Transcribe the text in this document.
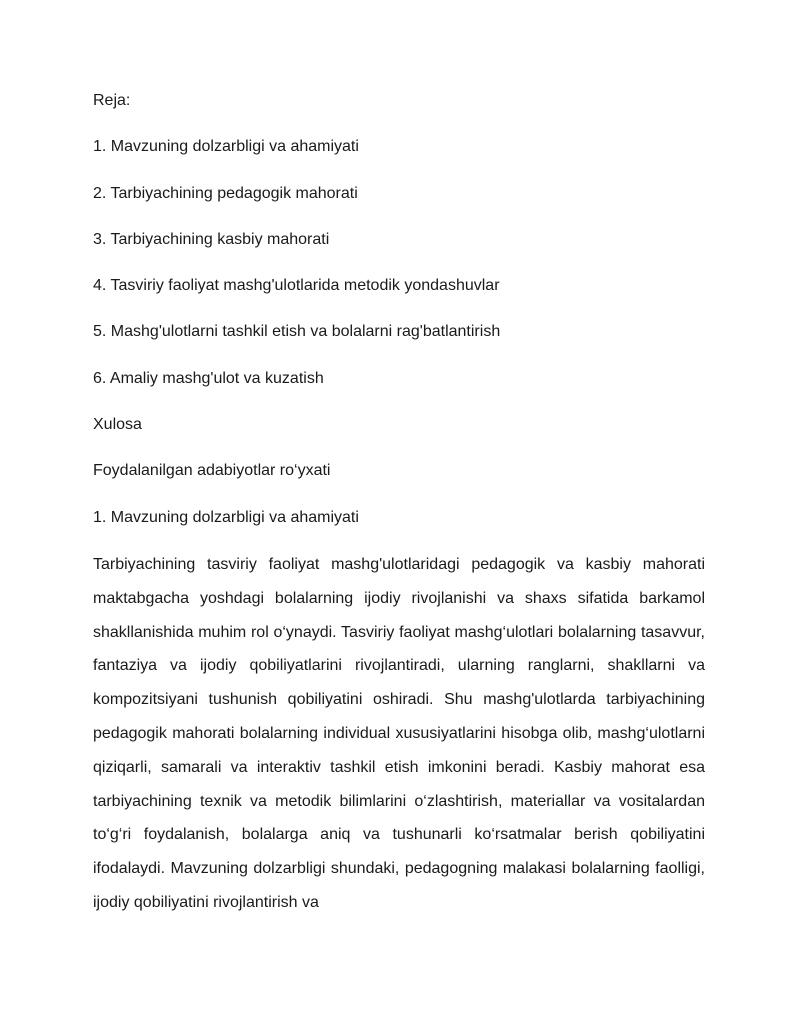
Reja:

1. Mavzuning dolzarbligi va ahamiyati

2. Tarbiyachining pedagogik mahorati

3. Tarbiyachining kasbiy mahorati

4. Tasviriy faoliyat mashg'ulotlarida metodik yondashuvlar

5. Mashg'ulotlarni tashkil etish va bolalarni rag'batlantirish

6. Amaliy mashg'ulot va kuzatish

Xulosa

Foydalanilgan adabiyotlar ro‘yxati

1. Mavzuning dolzarbligi va ahamiyati

Tarbiyachining tasviriy faoliyat mashg'ulotlaridagi pedagogik va kasbiy mahorati maktabgacha yoshdagi bolalarning ijodiy rivojlanishi va shaxs sifatida barkamol shakllanishida muhim rol o‘ynaydi. Tasviriy faoliyat mashg‘ulotlari bolalarning tasavvur, fantaziya va ijodiy qobiliyatlarini rivojlantiradi, ularning ranglarni, shakllarni va kompozitsiyani tushunish qobiliyatini oshiradi. Shu mashg'ulotlarda tarbiyachining pedagogik mahorati bolalarning individual xususiyatlarini hisobga olib, mashg‘ulotlarni qiziqarli, samarali va interaktiv tashkil etish imkonini beradi. Kasbiy mahorat esa tarbiyachining texnik va metodik bilimlarini o‘zlashtirish, materiallar va vositalardan to‘g‘ri foydalanish, bolalarga aniq va tushunarli ko‘rsatmalar berish qobiliyatini ifodalaydi. Mavzuning dolzarbligi shundaki, pedagogning malakasi bolalarning faolligi, ijodiy qobiliyatini rivojlantirish va
